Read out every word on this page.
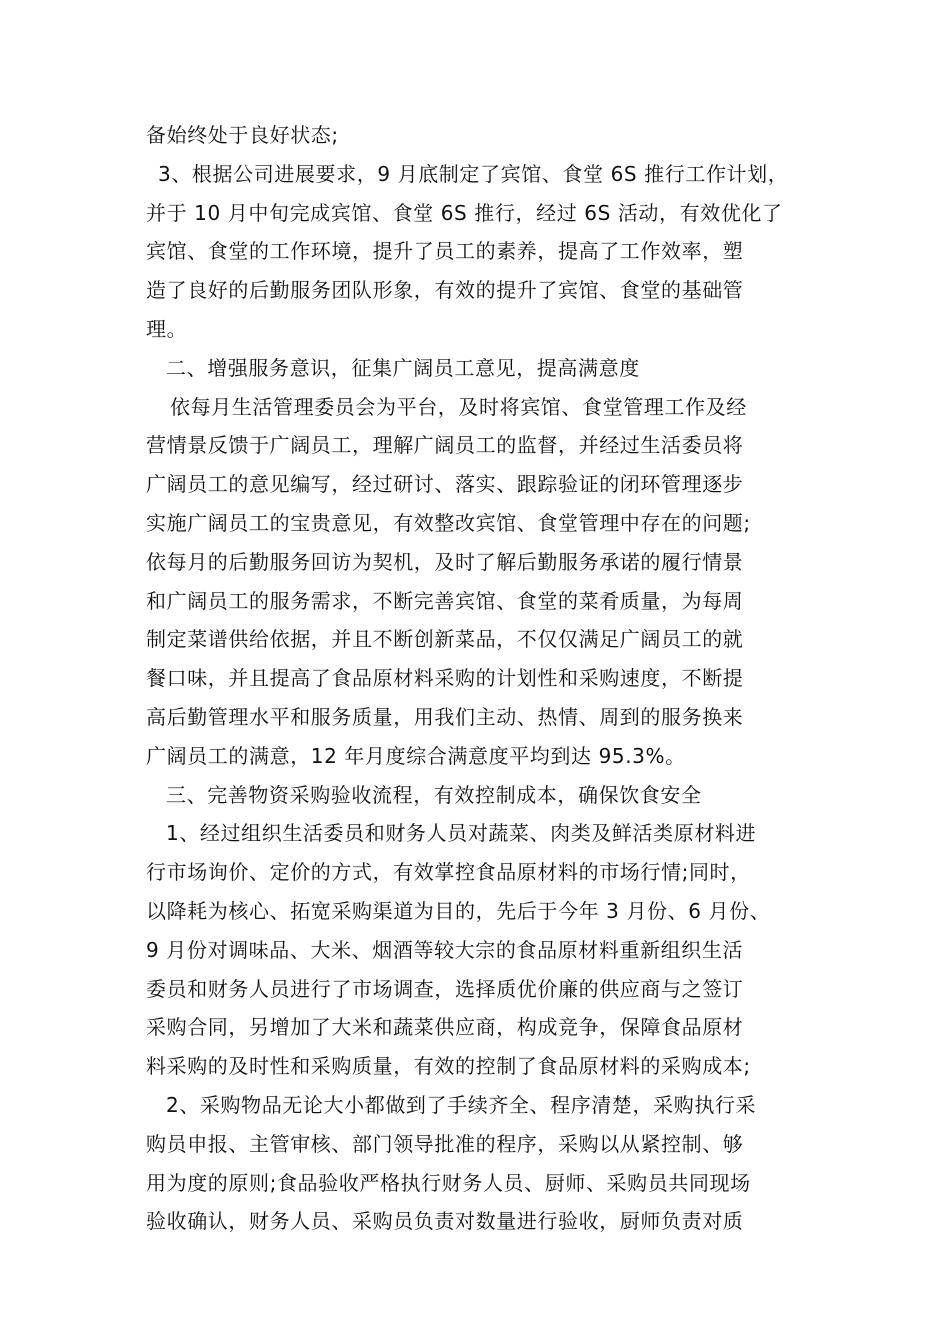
备始终处于良好状态;
3、根据公司进展要求，9 月底制定了宾馆、食堂 6S 推行工作计划，
并于 10 月中旬完成宾馆、食堂 6S 推行，经过 6S 活动，有效优化了
宾馆、食堂的工作环境，提升了员工的素养，提高了工作效率，塑
造了良好的后勤服务团队形象，有效的提升了宾馆、食堂的基础管
理。
二、增强服务意识，征集广阔员工意见，提高满意度
依每月生活管理委员会为平台，及时将宾馆、食堂管理工作及经
营情景反馈于广阔员工，理解广阔员工的监督，并经过生活委员将
广阔员工的意见编写，经过研讨、落实、跟踪验证的闭环管理逐步
实施广阔员工的宝贵意见，有效整改宾馆、食堂管理中存在的问题;
依每月的后勤服务回访为契机，及时了解后勤服务承诺的履行情景
和广阔员工的服务需求，不断完善宾馆、食堂的菜肴质量，为每周
制定菜谱供给依据，并且不断创新菜品，不仅仅满足广阔员工的就
餐口味，并且提高了食品原材料采购的计划性和采购速度，不断提
高后勤管理水平和服务质量，用我们主动、热情、周到的服务换来
广阔员工的满意，12 年月度综合满意度平均到达 95.3%。
三、完善物资采购验收流程，有效控制成本，确保饮食安全
1、经过组织生活委员和财务人员对蔬菜、肉类及鲜活类原材料进
行市场询价、定价的方式，有效掌控食品原材料的市场行情;同时，
以降耗为核心、拓宽采购渠道为目的，先后于今年 3 月份、6 月份、
9 月份对调味品、大米、烟酒等较大宗的食品原材料重新组织生活
委员和财务人员进行了市场调查，选择质优价廉的供应商与之签订
采购合同，另增加了大米和蔬菜供应商，构成竞争，保障食品原材
料采购的及时性和采购质量，有效的控制了食品原材料的采购成本;
2、采购物品无论大小都做到了手续齐全、程序清楚，采购执行采
购员申报、主管审核、部门领导批准的程序，采购以从紧控制、够
用为度的原则;食品验收严格执行财务人员、厨师、采购员共同现场
验收确认，财务人员、采购员负责对数量进行验收，厨师负责对质
